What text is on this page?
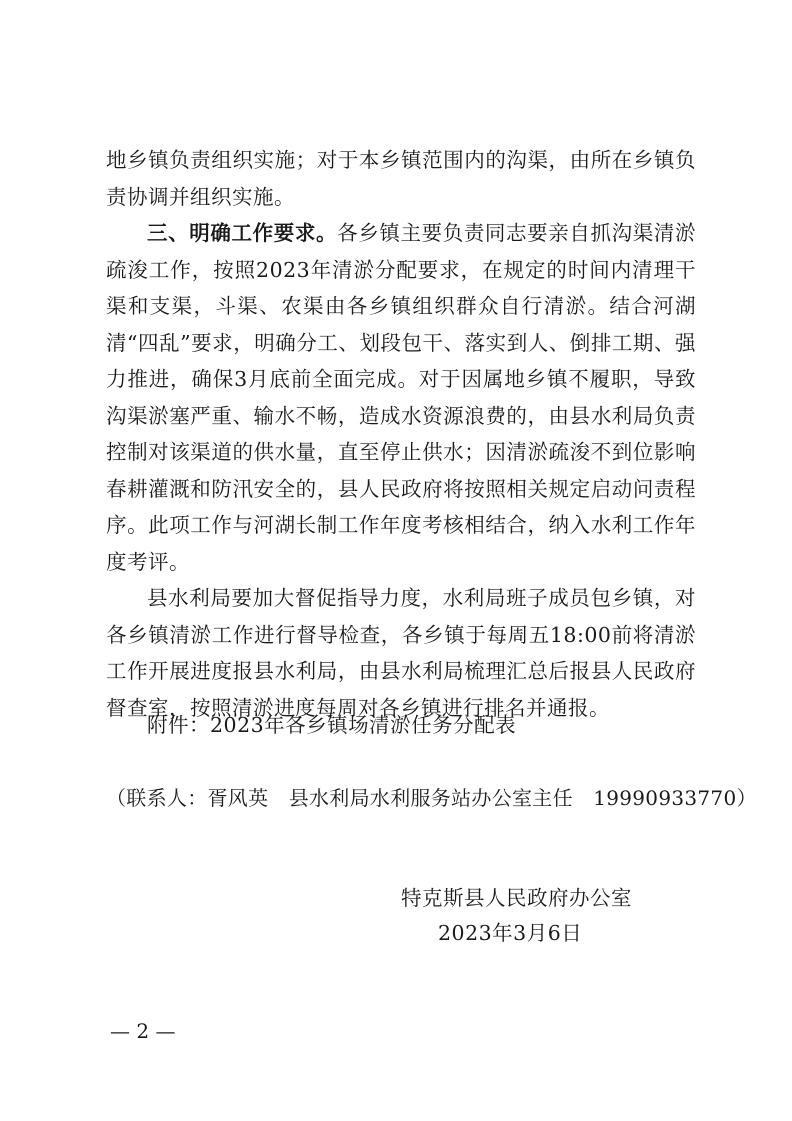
地乡镇负责组织实施；对于本乡镇范围内的沟渠，由所在乡镇负责协调并组织实施。

三、明确工作要求。各乡镇主要负责同志要亲自抓沟渠清淤疏浚工作，按照2023年清淤分配要求，在规定的时间内清理干渠和支渠，斗渠、农渠由各乡镇组织群众自行清淤。结合河湖清“四乱”要求，明确分工、划段包干、落实到人、倒排工期、强力推进，确保3月底前全面完成。对于因属地乡镇不履职，导致沟渠淤塞严重、输水不畅，造成水资源浪费的，由县水利局负责控制对该渠道的供水量，直至停止供水；因清淤疏浚不到位影响春耕灌溉和防汛安全的，县人民政府将按照相关规定启动问责程序。此项工作与河湖长制工作年度考核相结合，纳入水利工作年度考评。

县水利局要加大督促指导力度，水利局班子成员包乡镇，对各乡镇清淤工作进行督导检查，各乡镇于每周五18:00前将清淤工作开展进度报县水利局，由县水利局梳理汇总后报县人民政府督查室，按照清淤进度每周对各乡镇进行排名并通报。

附件：2023年各乡镇场清淤任务分配表
（联系人：胥风英　县水利局水利服务站办公室主任　19990933770）
特克斯县人民政府办公室
2023年3月6日
— 2 —
